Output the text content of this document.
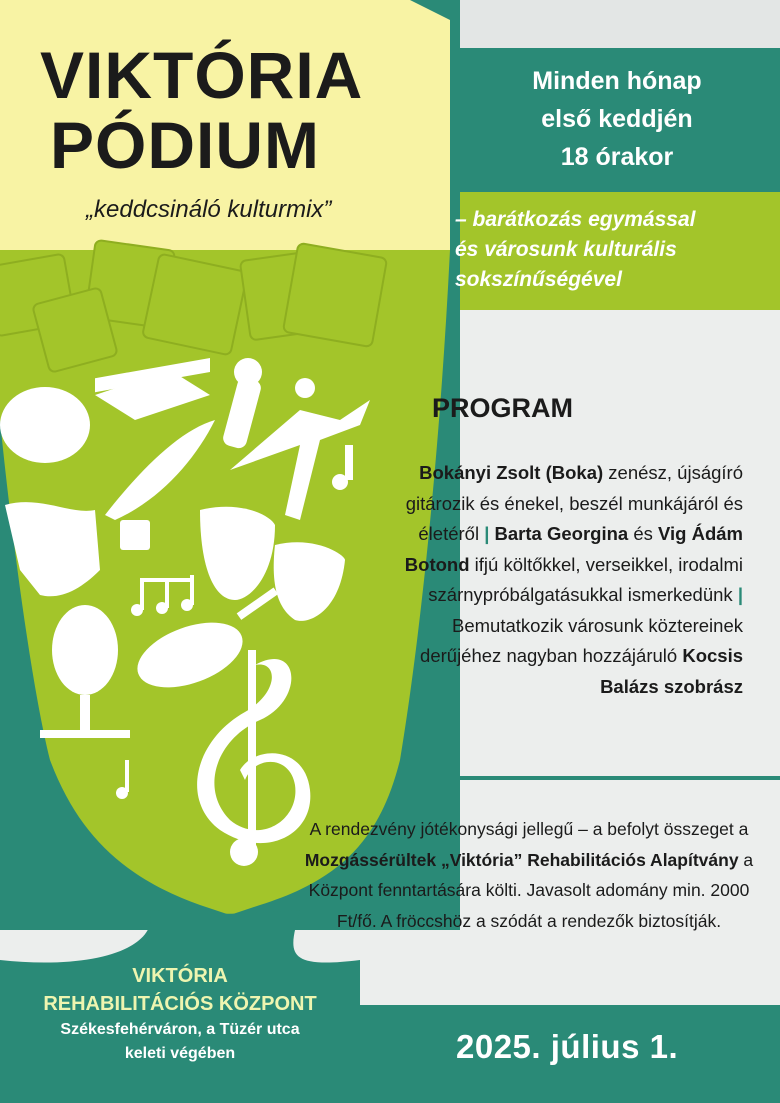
VIKTÓRIA
PÓDIUM
„keddcsináló kulturmix”
Minden hónap
első keddjén
18 órakor
– barátkozás egymással
és városunk kulturális
sokszínűségével
PROGRAM
Bokányi Zsolt (Boka) zenész, újságíró gitározik és énekel, beszél munkájáról és életéről | Barta Georgina és Vig Ádám Botond ifjú költőkkel, verseikkel, irodalmi szárnypróbálgatásukkal ismerkedünk | Bemutatkozik városunk köztereinek derűjéhez nagyban hozzájáruló Kocsis Balázs szobrász
A rendezvény jótékonysági jellegű – a befolyt összeget a Mozgássérültek „Viktória” Rehabilitációs Alapítvány a Központ fenntartására költi. Javasolt adomány min. 2000 Ft/fő. A fröccshöz a szódát a rendezők biztosítják.
VIKTÓRIA
REHABILITÁCIÓS KÖZPONT
Székesfehérváron, a Tüzér utca
keleti végében	2025. július 1.
